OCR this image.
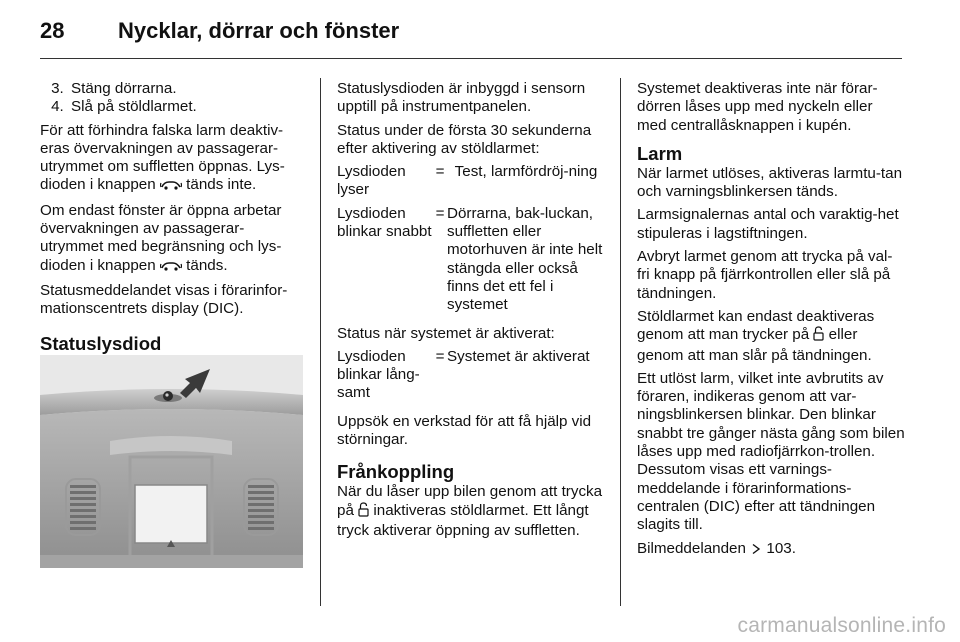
28 Nycklar, dörrar och fönster
3. Stäng dörrarna.
4. Slå på stöldlarmet.

För att förhindra falska larm deaktiv-eras övervakningen av passagerar-utrymmet om suffletten öppnas. Lys-dioden i knappen tänds inte.

Om endast fönster är öppna arbetar övervakningen av passagerar-utrymmet med begränsning och lys-dioden i knappen tänds.

Statusmeddelandet visas i förarinfor-mationscentrets display (DIC).

Statuslysdiod

Statuslysdioden är inbyggd i sensorn upptill på instrumentpanelen.

Status under de första 30 sekunderna efter aktivering av stöldlarmet:

Lysdioden lyser
= Test, larmfördröj-ning
Lysdioden blinkar snabbt
= Dörrarna, bak-luckan, suffletten eller motorhuven är inte helt stängda eller också finns det ett fel i systemet

Status när systemet är aktiverat:

Lysdioden blinkar lång-samt
= Systemet är aktiverat

Uppsök en verkstad för att få hjälp vid störningar.

Frånkoppling

När du låser upp bilen genom att trycka på inaktiveras stöldlarmet. Ett långt tryck aktiverar öppning av suffletten.

Systemet deaktiveras inte när förar-dörren låses upp med nyckeln eller med centrallåsknappen i kupén.

Larm

När larmet utlöses, aktiveras larmtu-tan och varningsblinkersen tänds.

Larmsignalernas antal och varaktig-het stipuleras i lagstiftningen.

Avbryt larmet genom att trycka på val-fri knapp på fjärrkontrollen eller slå på tändningen.

Stöldlarmet kan endast deaktiveras genom att man trycker på eller genom att man slår på tändningen.

Ett utlöst larm, vilket inte avbrutits av föraren, indikeras genom att var-ningsblinkersen blinkar. Den blinkar snabbt tre gånger nästa gång som bilen låses upp med radiofjärrkon-trollen. Dessutom visas ett varnings-meddelande i förarinformations-centralen (DIC) efter att tändningen slagits till.

Bilmeddelanden 103.

carmanualsonline.info
